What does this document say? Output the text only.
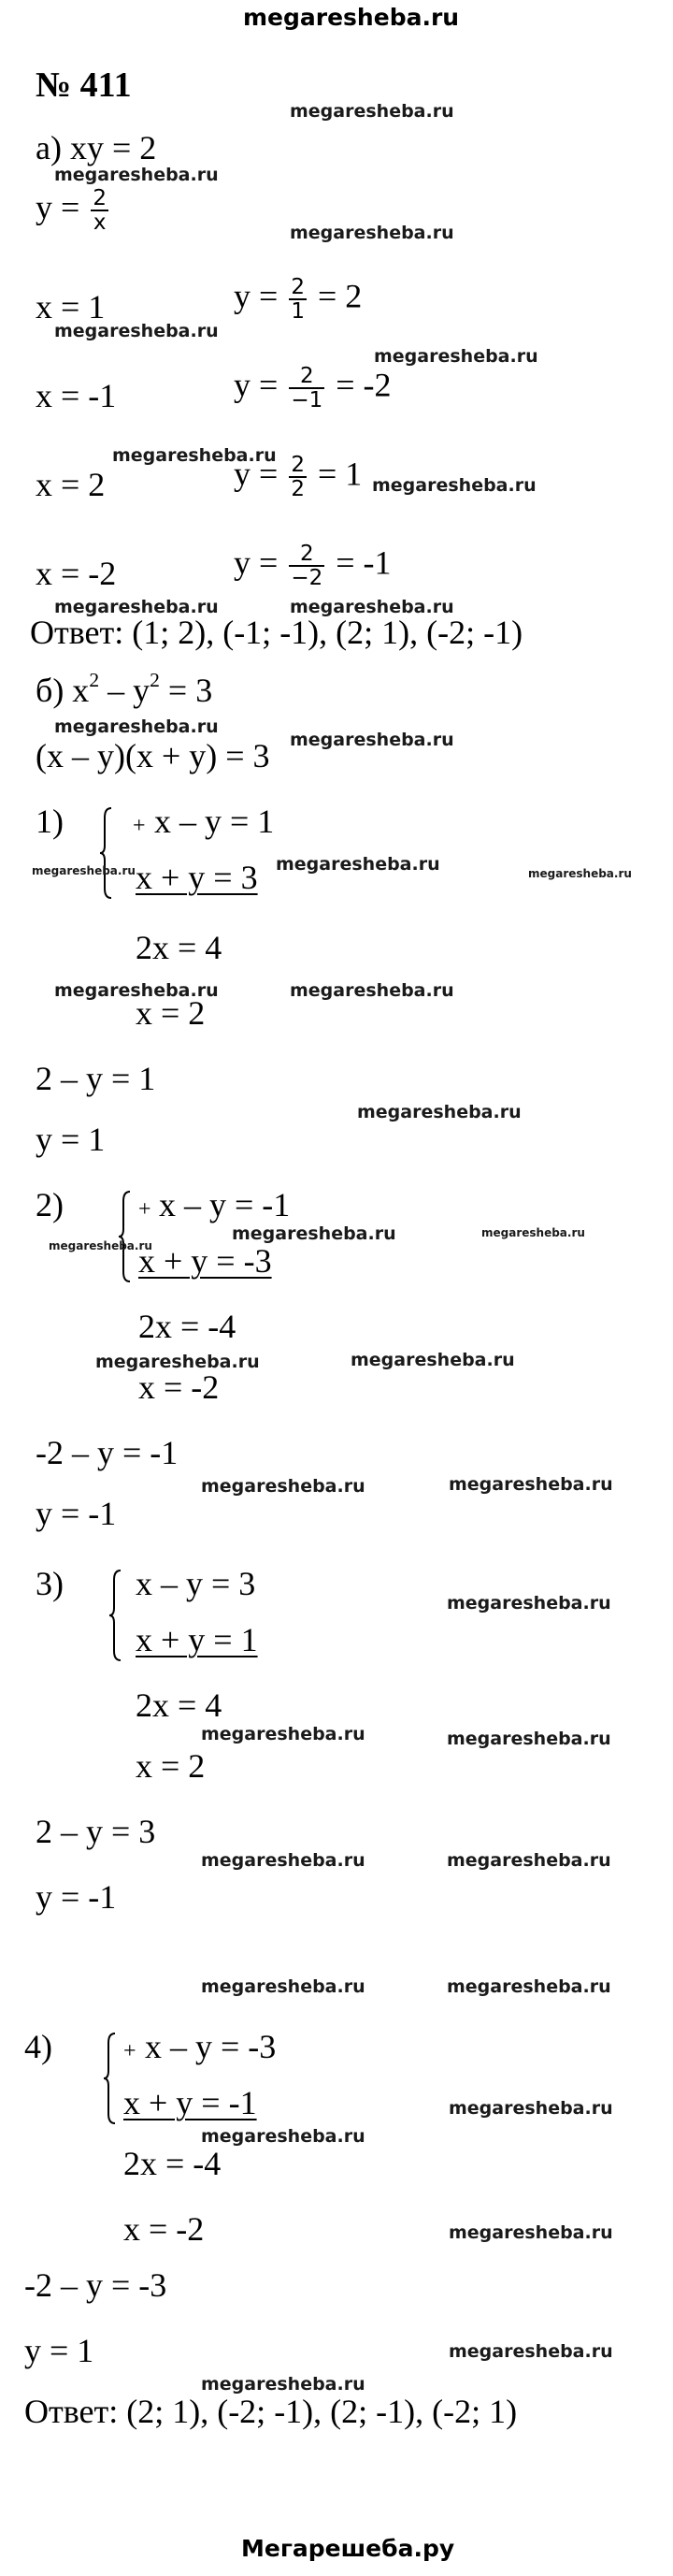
megaresheba.ru
№ 411
а) xy = 2
$y = \frac{2}{x}$
x = 1	$y = \frac{2}{1} = 2$
x = -1	$y = \frac{2}{-1} = -2$
x = 2	$y = \frac{2}{2} = 1$
x = -2	$y = \frac{2}{-2} = -1$
Ответ: (1; 2), (-1; -1), (2; 1), (-2; -1)
б) $x^2 - y^2 = 3$
(x – y)(x + y) = 3
1)	+ x – y = 1
x + y = 3
2x = 4
x = 2
2 – y = 1
y = 1
2)	+ x – y = -1
x + y = -3
2x = -4
x = -2
-2 – y = -1
y = -1
3) x – y = 3
x + y = 1
2x = 4
x = 2
2 – y = 3
y = -1
4)	+ x – y = -3
x + y = -1
2x = -4
x = -2
-2 – y = -3
y = 1
Ответ: (2; 1), (-2; -1), (2; -1), (-2; 1)
Мегарешеба.ру
megaresheba.ru
megaresheba.ru
megaresheba.ru
megaresheba.ru
megaresheba.ru
megaresheba.ru
megaresheba.ru
megaresheba.ru	megaresheba.ru
megaresheba.ru
megaresheba.ru
megaresheba.ru	megaresheba.ru	megaresheba.ru
megaresheba.ru	megaresheba.ru
megaresheba.ru
megaresheba.ru
megaresheba.ru	megaresheba.ru
megaresheba.ru	megaresheba.ru
megaresheba.ru	megaresheba.ru
megaresheba.ru
megaresheba.ru	megaresheba.ru
megaresheba.ru	megaresheba.ru
megaresheba.ru	megaresheba.ru
megaresheba.ru
megaresheba.ru
megaresheba.ru
megaresheba.ru
megaresheba.ru
